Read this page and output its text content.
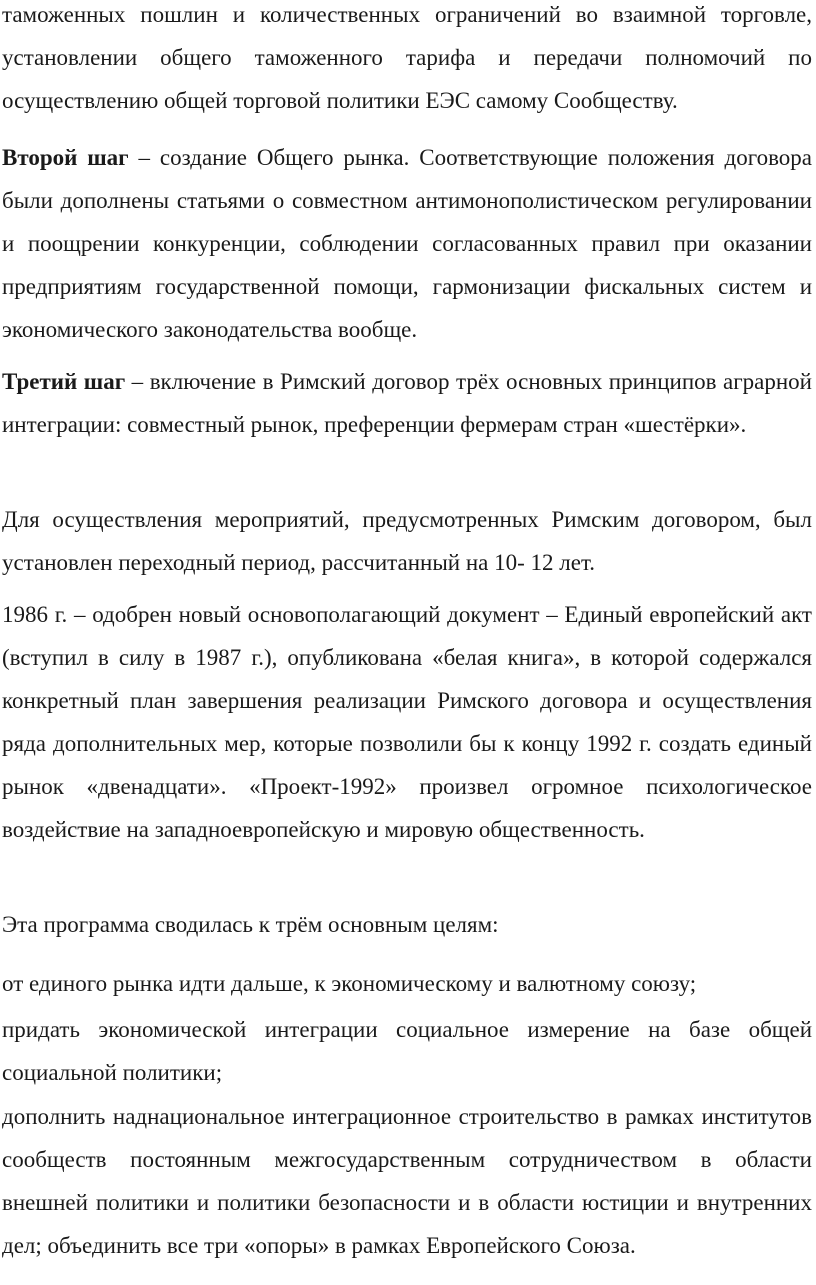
таможенных пошлин и количественных ограничений во взаимной торговле, установлении общего таможенного тарифа и передачи полномочий по осуществлению общей торговой политики ЕЭС самому Сообществу.

Второй шаг – создание Общего рынка. Соответствующие положения договора были дополнены статьями о совместном антимонополистическом регулировании и поощрении конкуренции, соблюдении согласованных правил при оказании предприятиям государственной помощи, гармонизации фискальных систем и экономического законодательства вообще.

Третий шаг – включение в Римский договор трёх основных принципов аграрной интеграции: совместный рынок, преференции фермерам стран «шестёрки».

Для осуществления мероприятий, предусмотренных Римским договором, был установлен переходный период, рассчитанный на 10- 12 лет.

1986 г. – одобрен новый основополагающий документ – Единый европейский акт (вступил в силу в 1987 г.), опубликована «белая книга», в которой содержался конкретный план завершения реализации Римского договора и осуществления ряда дополнительных мер, которые позволили бы к концу 1992 г. создать единый рынок «двенадцати». «Проект-1992» произвел огромное психологическое воздействие на западноевропейскую и мировую общественность.

Эта программа сводилась к трём основным целям:

от единого рынка идти дальше, к экономическому и валютному союзу;

придать экономической интеграции социальное измерение на базе общей социальной политики;

дополнить наднациональное интеграционное строительство в рамках институтов сообществ постоянным межгосударственным сотрудничеством в области внешней политики и политики безопасности и в области юстиции и внутренних дел; объединить все три «опоры» в рамках Европейского Союза.
